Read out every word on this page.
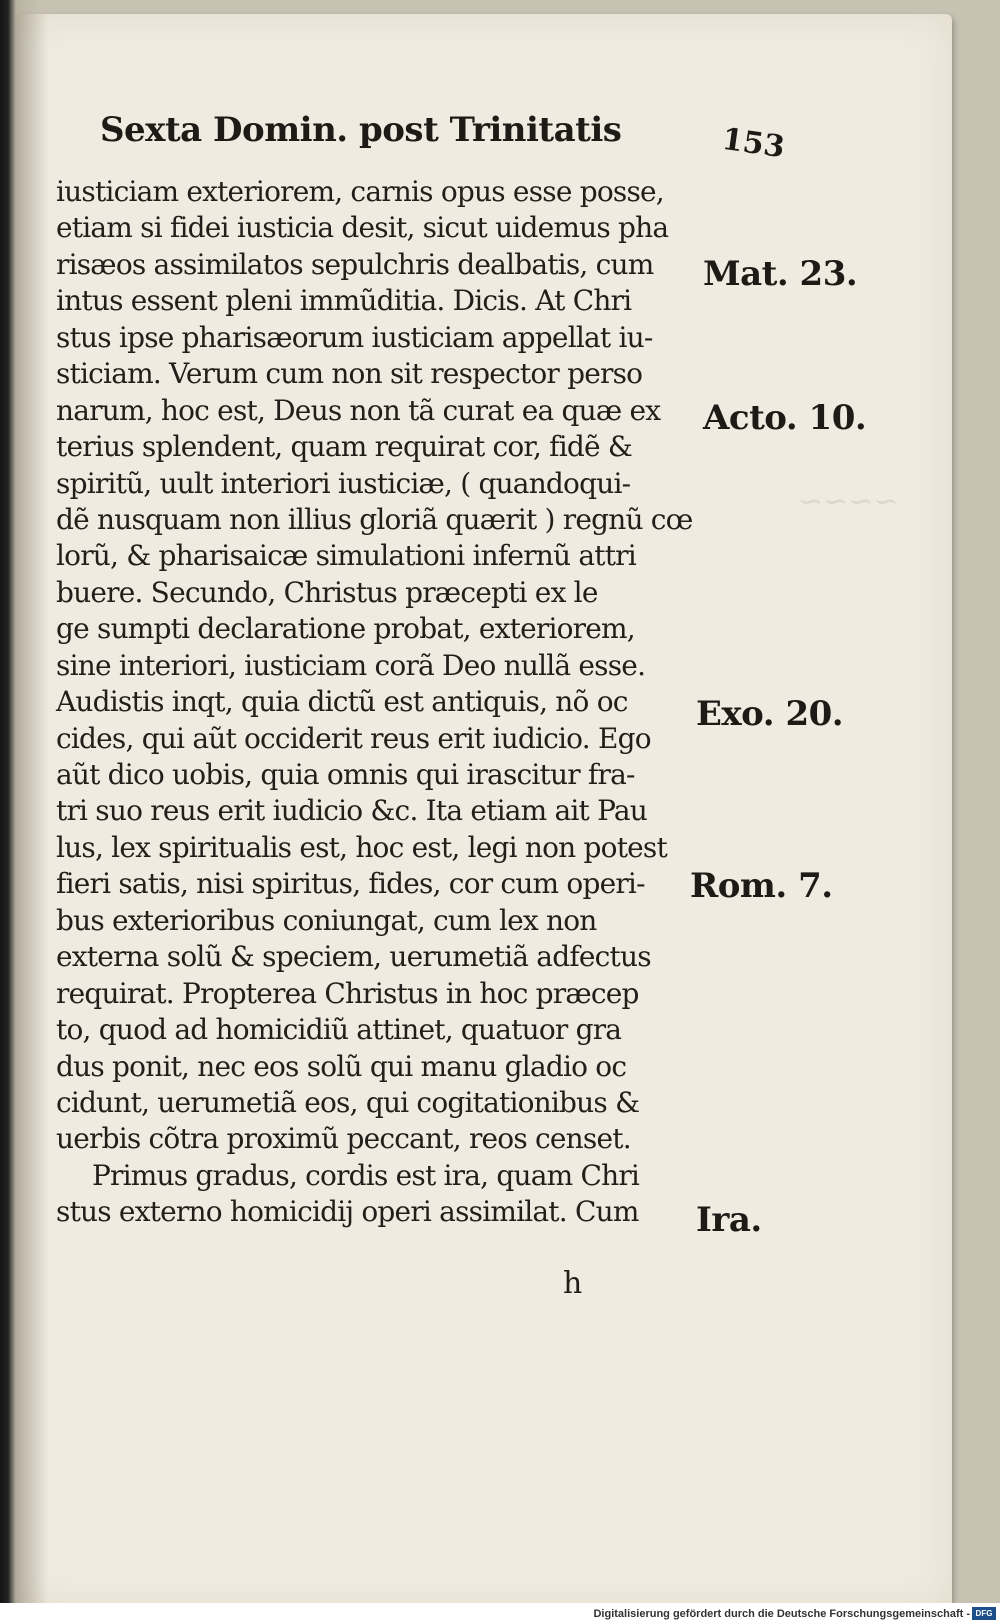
~~~~
Sexta Domin. post Trinitatis	153
iusticiam exteriorem, carnis opus esse posse,
etiam si fidei iusticia desit, sicut uidemus pha
risæos assimilatos sepulchris dealbatis, cum
intus essent pleni immũditia. Dicis. At Chri
stus ipse pharisæorum iusticiam appellat iu-
sticiam. Verum cum non sit respector perso
narum, hoc est, Deus non tã curat ea quæ ex
terius splendent, quam requirat cor, fidẽ &
spiritũ, uult interiori iusticiæ, ( quandoqui-
dẽ nusquam non illius gloriã quærit ) regnũ cœ
lorũ, & pharisaicæ simulationi infernũ attri
buere. Secundo, Christus præcepti ex le
ge sumpti declaratione probat, exteriorem,
sine interiori, iusticiam corã Deo nullã esse.
Audistis inqt, quia dictũ est antiquis, nõ oc
cides, qui aũt occiderit reus erit iudicio. Ego
aũt dico uobis, quia omnis qui irascitur fra-
tri suo reus erit iudicio &c. Ita etiam ait Pau
lus, lex spiritualis est, hoc est, legi non potest
fieri satis, nisi spiritus, fides, cor cum operi-
bus exterioribus coniungat, cum lex non
externa solũ & speciem, uerumetiã adfectus
requirat. Propterea Christus in hoc præcep
to, quod ad homicidiũ attinet, quatuor gra
dus ponit, nec eos solũ qui manu gladio oc
cidunt, uerumetiã eos, qui cogitationibus &
uerbis cõtra proximũ peccant, reos censet.
Primus gradus, cordis est ira, quam Chri
stus externo homicidij operi assimilat. Cum
Mat. 23.
Acto. 10.
Exo. 20.
Rom. 7.
Ira.
h
Digitalisierung gefördert durch die Deutsche Forschungsgemeinschaft - DFG
